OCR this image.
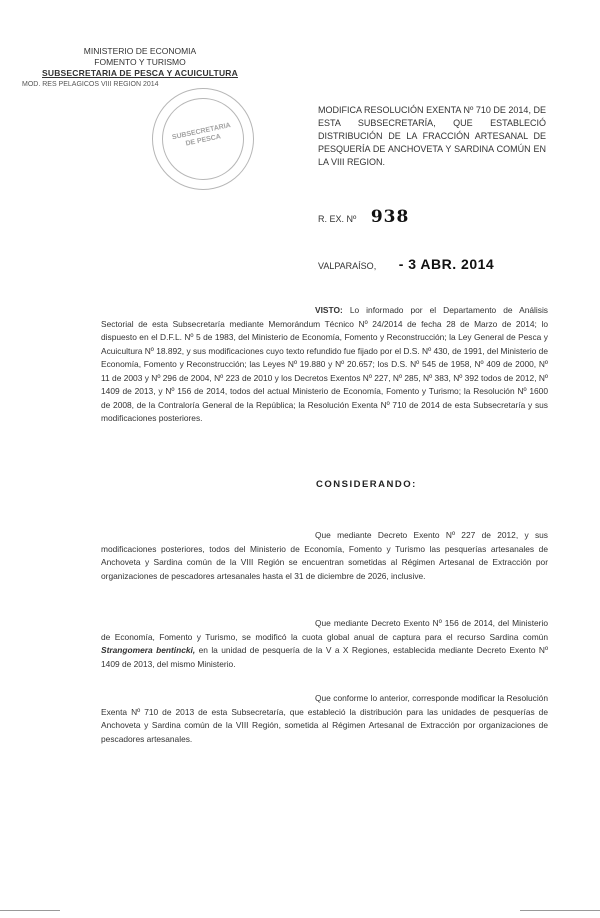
MINISTERIO DE ECONOMIA
FOMENTO Y TURISMO
SUBSECRETARIA DE PESCA Y ACUICULTURA
MOD. RES PELAGICOS VIII REGION 2014
SUBSECRETARIA DE PESCA
MODIFICA RESOLUCIÓN EXENTA Nº 710 DE 2014, DE ESTA SUBSECRETARÍA, QUE ESTABLECIÓ DISTRIBUCIÓN DE LA FRACCIÓN ARTESANAL DE PESQUERÍA DE ANCHOVETA Y SARDINA COMÚN EN LA VIII REGION.
R. EX. Nº 938
VALPARAÍSO, - 3 ABR. 2014
VISTO: Lo informado por el Departamento de Análisis Sectorial de esta Subsecretaría mediante Memorándum Técnico Nº 24/2014 de fecha 28 de Marzo de 2014; lo dispuesto en el D.F.L. Nº 5 de 1983, del Ministerio de Economía, Fomento y Reconstrucción; la Ley General de Pesca y Acuicultura Nº 18.892, y sus modificaciones cuyo texto refundido fue fijado por el D.S. Nº 430, de 1991, del Ministerio de Economía, Fomento y Reconstrucción; las Leyes Nº 19.880 y Nº 20.657; los D.S. Nº 545 de 1958, Nº 409 de 2000, Nº 11 de 2003 y Nº 296 de 2004, Nº 223 de 2010 y los Decretos Exentos Nº 227, Nº 285, Nº 383, Nº 392 todos de 2012, Nº 1409 de 2013, y Nº 156 de 2014, todos del actual Ministerio de Economía, Fomento y Turismo; la Resolución Nº 1600 de 2008, de la Contraloría General de la República; la Resolución Exenta Nº 710 de 2014 de esta Subsecretaría y sus modificaciones posteriores.
CONSIDERANDO:
Que mediante Decreto Exento Nº 227 de 2012, y sus modificaciones posteriores, todos del Ministerio de Economía, Fomento y Turismo las pesquerías artesanales de Anchoveta y Sardina común de la VIII Región se encuentran sometidas al Régimen Artesanal de Extracción por organizaciones de pescadores artesanales hasta el 31 de diciembre de 2026, inclusive.
Que mediante Decreto Exento Nº 156 de 2014, del Ministerio de Economía, Fomento y Turismo, se modificó la cuota global anual de captura para el recurso Sardina común Strangomera bentincki, en la unidad de pesquería de la V a X Regiones, establecida mediante Decreto Exento Nº 1409 de 2013, del mismo Ministerio.
Que conforme lo anterior, corresponde modificar la Resolución Exenta Nº 710 de 2013 de esta Subsecretaría, que estableció la distribución para las unidades de pesquerías de Anchoveta y Sardina común de la VIII Región, sometida al Régimen Artesanal de Extracción por organizaciones de pescadores artesanales.
